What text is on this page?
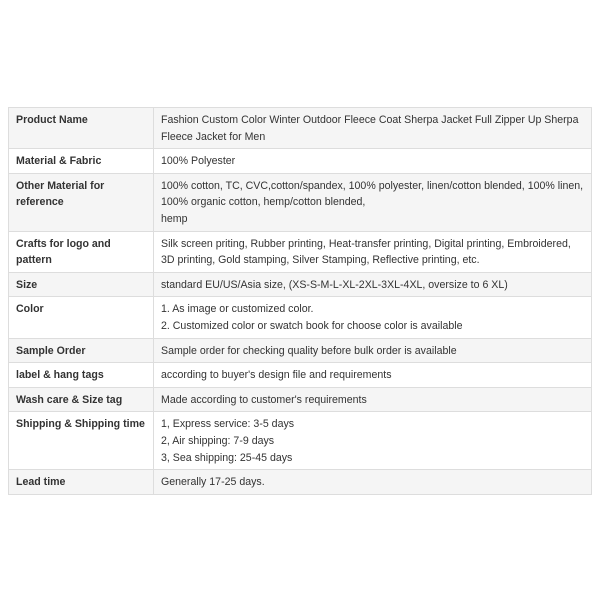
Product Name	Fashion Custom Color Winter Outdoor Fleece Coat Sherpa Jacket Full Zipper Up Sherpa Fleece Jacket for Men

Material & Fabric	100% Polyester

Other Material for reference	100% cotton, TC, CVC,cotton/spandex, 100% polyester, linen/cotton blended, 100% linen, 100% organic cotton, hemp/cotton blended,
hemp

Crafts for logo and pattern	Silk screen priting, Rubber printing, Heat-transfer printing, Digital printing, Embroidered, 3D printing, Gold stamping, Silver Stamping, Reflective printing, etc.

Size	standard EU/US/Asia size, (XS-S-M-L-XL-2XL-3XL-4XL, oversize to 6 XL)

Color	1. As image or customized color.
2. Customized color or swatch book for choose color is available

Sample Order	Sample order for checking quality before bulk order is available

label & hang tags	according to buyer's design file and requirements

Wash care & Size tag	Made according to customer's requirements

Shipping & Shipping time	1, Express service: 3-5 days
2, Air shipping: 7-9 days
3, Sea shipping: 25-45 days

Lead time	Generally 17-25 days.
